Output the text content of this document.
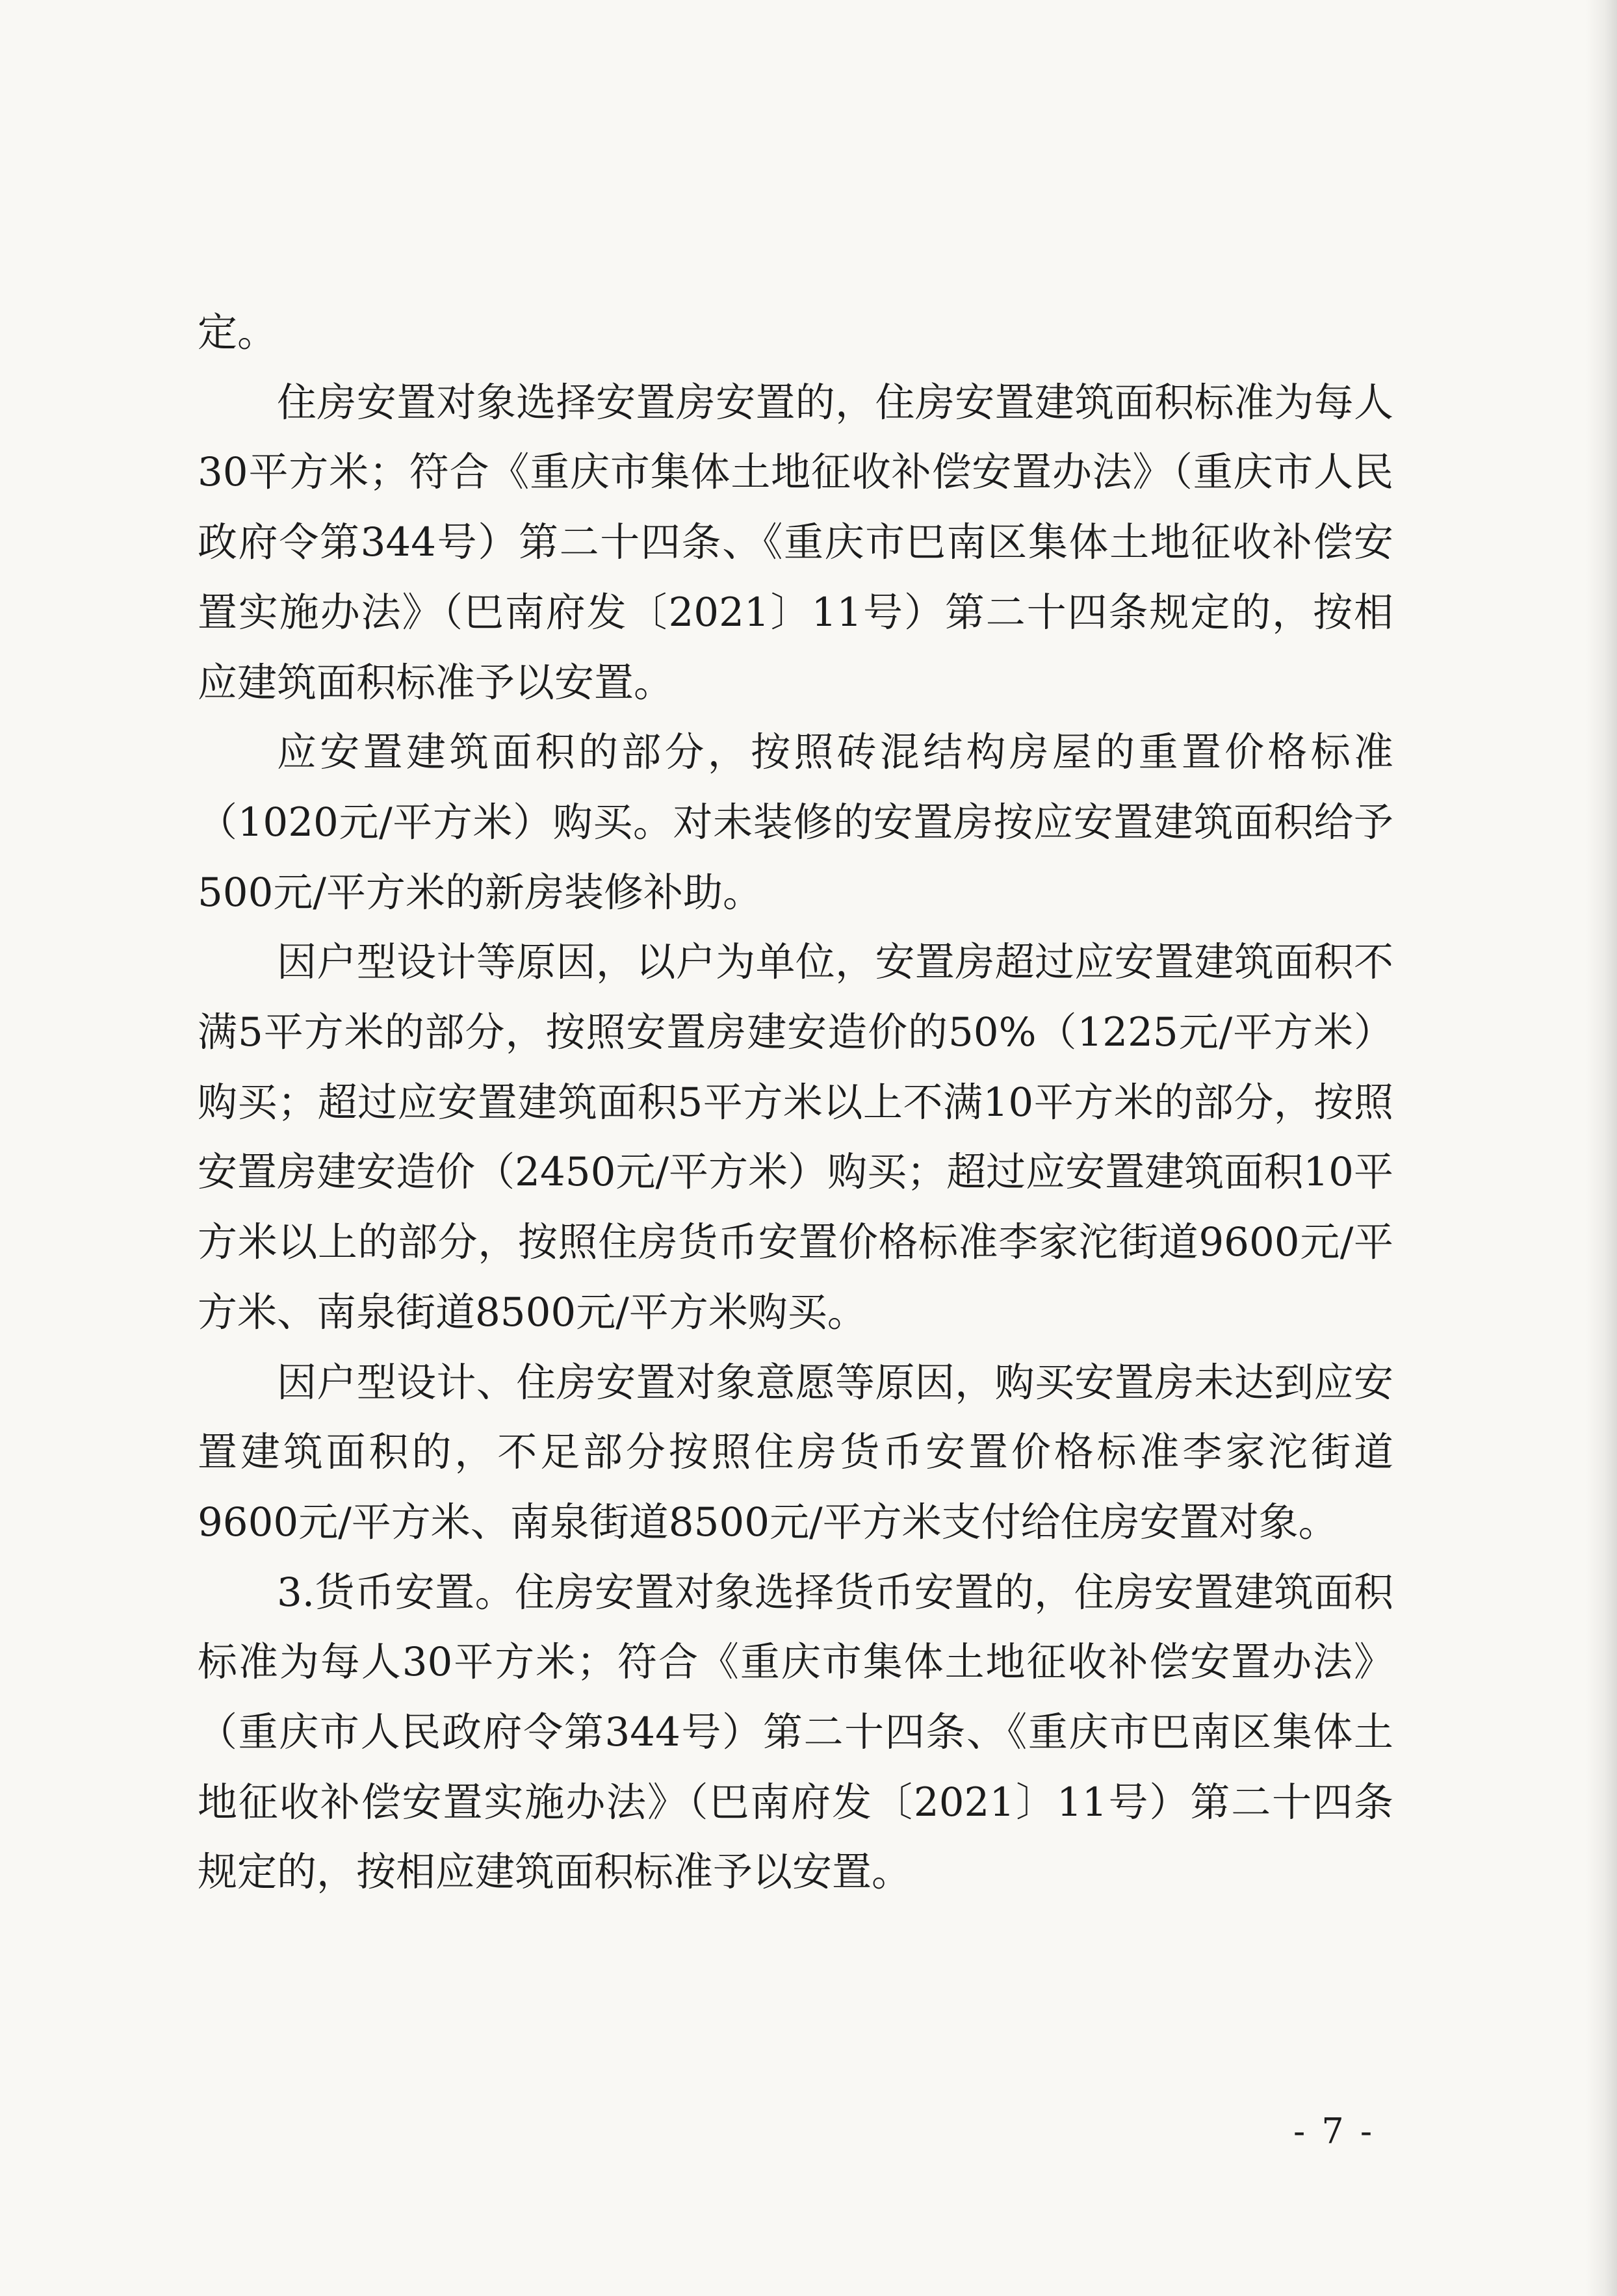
定。

住房安置对象选择安置房安置的，住房安置建筑面积标准为每人30平方米；符合《重庆市集体土地征收补偿安置办法》（重庆市人民政府令第344号）第二十四条、《重庆市巴南区集体土地征收补偿安置实施办法》（巴南府发〔2021〕11号）第二十四条规定的，按相应建筑面积标准予以安置。

应安置建筑面积的部分，按照砖混结构房屋的重置价格标准（1020元/平方米）购买。对未装修的安置房按应安置建筑面积给予500元/平方米的新房装修补助。

因户型设计等原因，以户为单位，安置房超过应安置建筑面积不满5平方米的部分，按照安置房建安造价的50%（1225元/平方米）购买；超过应安置建筑面积5平方米以上不满10平方米的部分，按照安置房建安造价（2450元/平方米）购买；超过应安置建筑面积10平方米以上的部分，按照住房货币安置价格标准李家沱街道9600元/平方米、南泉街道8500元/平方米购买。

因户型设计、住房安置对象意愿等原因，购买安置房未达到应安置建筑面积的，不足部分按照住房货币安置价格标准李家沱街道9600元/平方米、南泉街道8500元/平方米支付给住房安置对象。

3.货币安置。住房安置对象选择货币安置的，住房安置建筑面积标准为每人30平方米；符合《重庆市集体土地征收补偿安置办法》（重庆市人民政府令第344号）第二十四条、《重庆市巴南区集体土地征收补偿安置实施办法》（巴南府发〔2021〕11号）第二十四条规定的，按相应建筑面积标准予以安置。

- 7 -
